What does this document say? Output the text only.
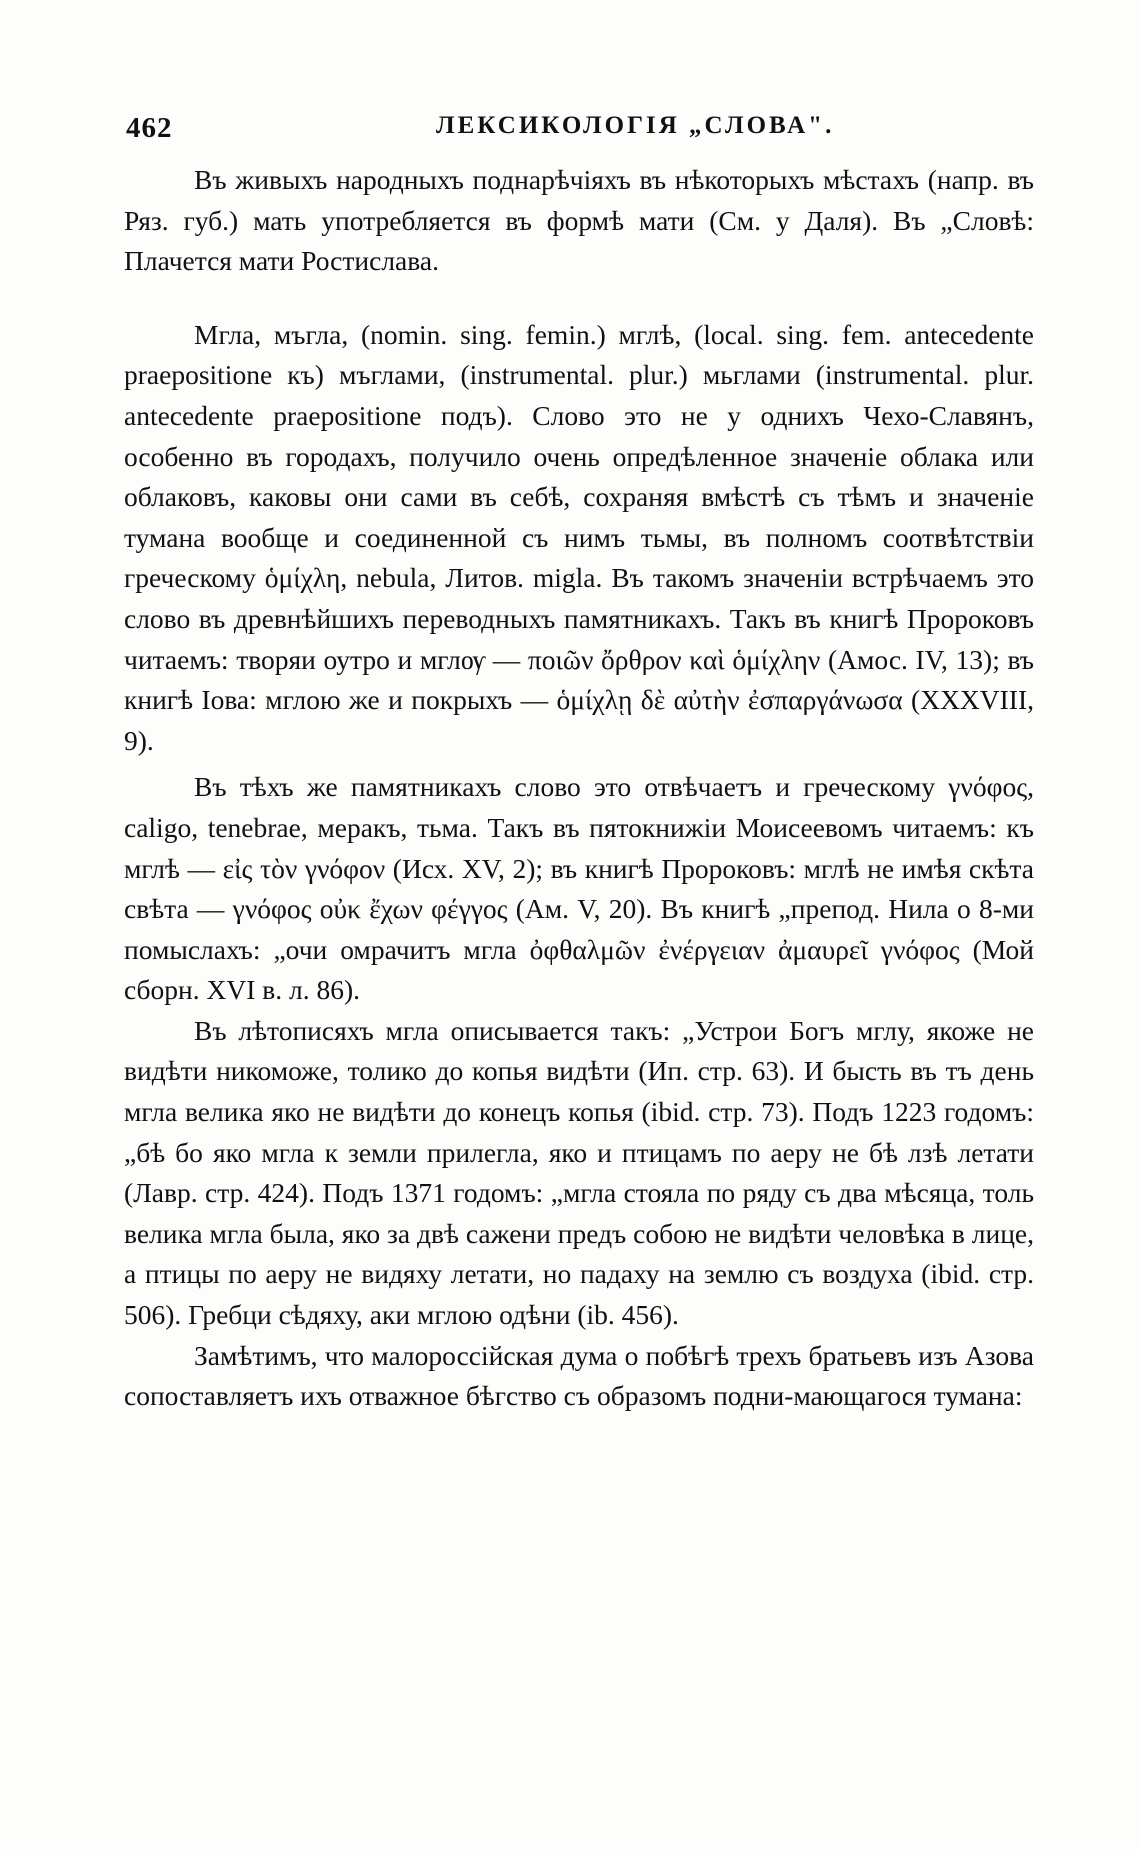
462	ЛЕКСИКОЛОГІЯ „СЛОВА".

Въ живыхъ народныхъ поднарѣчіяхъ въ нѣкоторыхъ мѣстахъ (напр. въ Ряз. губ.) мать употребляется въ формѣ мати (См. у Даля). Въ „Словѣ: Плачется мати Ростислава.

Мгла, мъгла, (nomin. sing. femin.) мглѣ, (local. sing. fem. antecedente praepositione къ) мъглами, (instrumental. plur.) мьглами (instrumental. plur. antecedente praepositione подъ). Слово это не у однихъ Чехо-Славянъ, особенно въ городахъ, получило очень опредѣленное значеніе облака или облаковъ, каковы они сами въ себѣ, сохраняя вмѣстѣ съ тѣмъ и значеніе тумана вообще и соединенной съ нимъ тьмы, въ полномъ соотвѣтствіи греческому ὁμίχλη, nebula, Литов. migla. Въ такомъ значеніи встрѣчаемъ это слово въ древнѣйшихъ переводныхъ памятникахъ. Такъ въ книгѣ Пророковъ читаемъ: творяи оутро и мглѹ — ποιῶν ὄρθρον καὶ ὁμίχλην (Амос. IV, 13); въ книгѣ Іова: мглою же и покрыхъ — ὁμίχλῃ δὲ αὐτὴν ἐσπαργάνωσα (XXXVIII, 9).

Въ тѣхъ же памятникахъ слово это отвѣчаетъ и греческому γνόφος, caligo, tenebrae, меракъ, тьма. Такъ въ пятокнижіи Моисеевомъ читаемъ: къ мглѣ — εἰς τὸν γνόφον (Исх. XV, 2); въ книгѣ Пророковъ: мглѣ не имѣя скѣта свѣта — γνόφος οὐκ ἔχων φέγγος (Ам. V, 20). Въ книгѣ „препод. Нила о 8-ми помыслахъ: „очи омрачитъ мгла ὀφθαλμῶν ἐνέργειαν ἀμαυρεῖ γνόφος (Мой сборн. XVI в. л. 86).

Въ лѣтописяхъ мгла описывается такъ: „Устрои Богъ мглу, якоже не видѣти никоможе, толико до копья видѣти (Ип. стр. 63). И бысть въ тъ день мгла велика яко не видѣти до конецъ копья (ibid. стр. 73). Подъ 1223 годомъ: „бѣ бо яко мгла к земли прилегла, яко и птицамъ по аеру не бѣ лзѣ летати (Лавр. стр. 424). Подъ 1371 годомъ: „мгла стояла по ряду съ два мѣсяца, толь велика мгла была, яко за двѣ сажени предъ собою не видѣти человѣка в лице, а птицы по аеру не видяху летати, но падаху на землю съ воздуха (ibid. стр. 506). Гребци сѣдяху, аки мглою одѣни (ib. 456).

Замѣтимъ, что малороссійская дума о побѣгѣ трехъ братьевъ изъ Азова сопоставляетъ ихъ отважное бѣгство съ образомъ подни-мающагося тумана:
